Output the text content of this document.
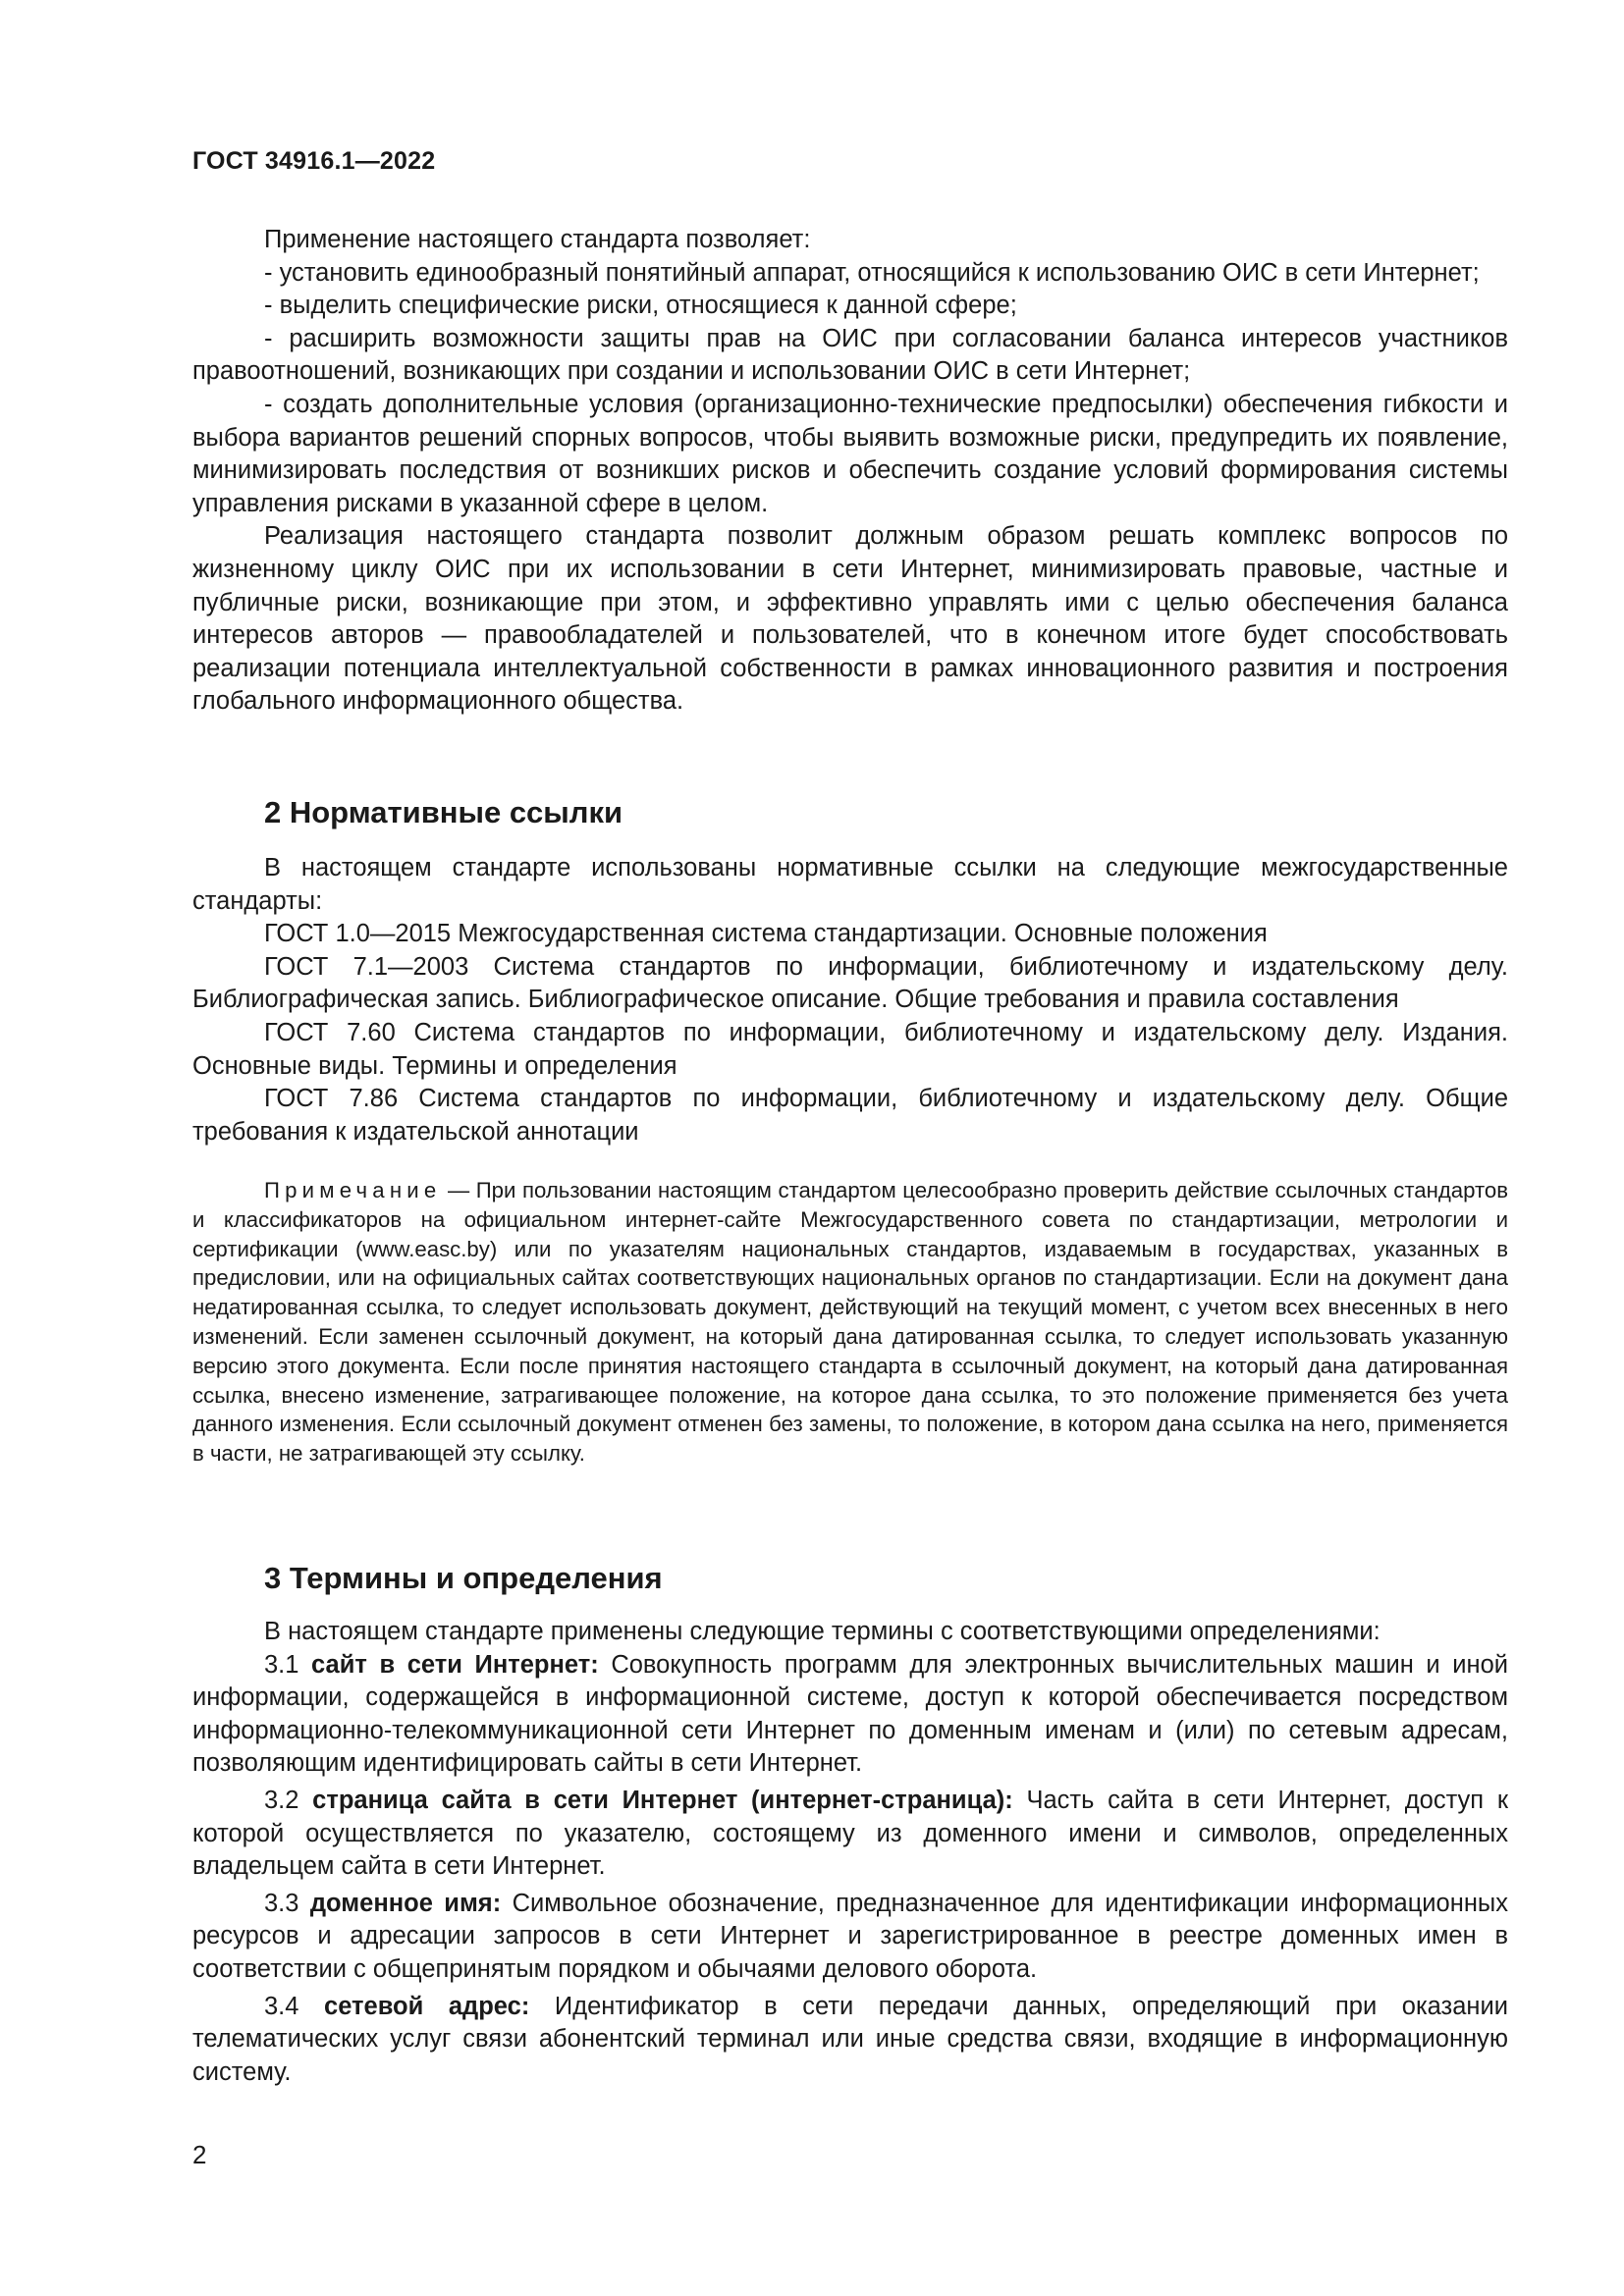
ГОСТ 34916.1—2022

Применение настоящего стандарта позволяет:

- установить единообразный понятийный аппарат, относящийся к использованию ОИС в сети Интернет;

- выделить специфические риски, относящиеся к данной сфере;

- расширить возможности защиты прав на ОИС при согласовании баланса интересов участников правоотношений, возникающих при создании и использовании ОИС в сети Интернет;

- создать дополнительные условия (организационно-технические предпосылки) обеспечения гибкости и выбора вариантов решений спорных вопросов, чтобы выявить возможные риски, предупредить их появление, минимизировать последствия от возникших рисков и обеспечить создание условий формирования системы управления рисками в указанной сфере в целом.

Реализация настоящего стандарта позволит должным образом решать комплекс вопросов по жизненному циклу ОИС при их использовании в сети Интернет, минимизировать правовые, частные и публичные риски, возникающие при этом, и эффективно управлять ими с целью обеспечения баланса интересов авторов — правообладателей и пользователей, что в конечном итоге будет способствовать реализации потенциала интеллектуальной собственности в рамках инновационного развития и построения глобального информационного общества.

2 Нормативные ссылки

В настоящем стандарте использованы нормативные ссылки на следующие межгосударственные стандарты:

ГОСТ 1.0—2015 Межгосударственная система стандартизации. Основные положения

ГОСТ 7.1—2003 Система стандартов по информации, библиотечному и издательскому делу. Библиографическая запись. Библиографическое описание. Общие требования и правила составления

ГОСТ 7.60 Система стандартов по информации, библиотечному и издательскому делу. Издания. Основные виды. Термины и определения

ГОСТ 7.86 Система стандартов по информации, библиотечному и издательскому делу. Общие требования к издательской аннотации

Примечание — При пользовании настоящим стандартом целесообразно проверить действие ссылочных стандартов и классификаторов на официальном интернет-сайте Межгосударственного совета по стандартизации, метрологии и сертификации (www.easc.by) или по указателям национальных стандартов, издаваемым в государствах, указанных в предисловии, или на официальных сайтах соответствующих национальных органов по стандартизации. Если на документ дана недатированная ссылка, то следует использовать документ, действующий на текущий момент, с учетом всех внесенных в него изменений. Если заменен ссылочный документ, на который дана датированная ссылка, то следует использовать указанную версию этого документа. Если после принятия настоящего стандарта в ссылочный документ, на который дана датированная ссылка, внесено изменение, затрагивающее положение, на которое дана ссылка, то это положение применяется без учета данного изменения. Если ссылочный документ отменен без замены, то положение, в котором дана ссылка на него, применяется в части, не затрагивающей эту ссылку.

3 Термины и определения

В настоящем стандарте применены следующие термины с соответствующими определениями:

3.1 сайт в сети Интернет: Совокупность программ для электронных вычислительных машин и иной информации, содержащейся в информационной системе, доступ к которой обеспечивается посредством информационно-телекоммуникационной сети Интернет по доменным именам и (или) по сетевым адресам, позволяющим идентифицировать сайты в сети Интернет.

3.2 страница сайта в сети Интернет (интернет-страница): Часть сайта в сети Интернет, доступ к которой осуществляется по указателю, состоящему из доменного имени и символов, определенных владельцем сайта в сети Интернет.

3.3 доменное имя: Символьное обозначение, предназначенное для идентификации информационных ресурсов и адресации запросов в сети Интернет и зарегистрированное в реестре доменных имен в соответствии с общепринятым порядком и обычаями делового оборота.

3.4 сетевой адрес: Идентификатор в сети передачи данных, определяющий при оказании телематических услуг связи абонентский терминал или иные средства связи, входящие в информационную систему.

2
